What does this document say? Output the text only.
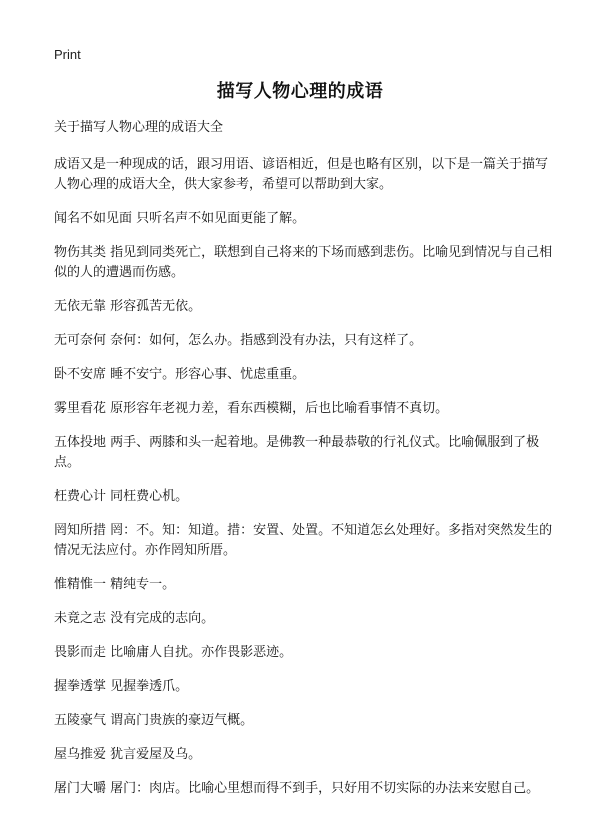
Print
描写人物心理的成语

关于描写人物心理的成语大全

成语又是一种现成的话，跟习用语、谚语相近，但是也略有区别，以下是一篇关于描写人物心理的成语大全，供大家参考，希望可以帮助到大家。

闻名不如见面 只听名声不如见面更能了解。

物伤其类 指见到同类死亡，联想到自己将来的下场而感到悲伤。比喻见到情况与自己相似的人的遭遇而伤感。

无依无靠 形容孤苦无依。

无可奈何 奈何：如何，怎么办。指感到没有办法，只有这样了。

卧不安席 睡不安宁。形容心事、忧虑重重。

雾里看花 原形容年老视力差，看东西模糊，后也比喻看事情不真切。

五体投地 两手、两膝和头一起着地。是佛教一种最恭敬的行礼仪式。比喻佩服到了极点。

枉费心计 同枉费心机。

罔知所措 罔：不。知：知道。措：安置、处置。不知道怎幺处理好。多指对突然发生的情况无法应付。亦作罔知所厝。

惟精惟一 精纯专一。

未竟之志 没有完成的志向。

畏影而走 比喻庸人自扰。亦作畏影恶迹。

握拳透掌 见握拳透爪。

五陵豪气 谓高门贵族的豪迈气概。

屋乌推爱 犹言爱屋及乌。

屠门大嚼 屠门：肉店。比喻心里想而得不到手，只好用不切实际的办法来安慰自己。
